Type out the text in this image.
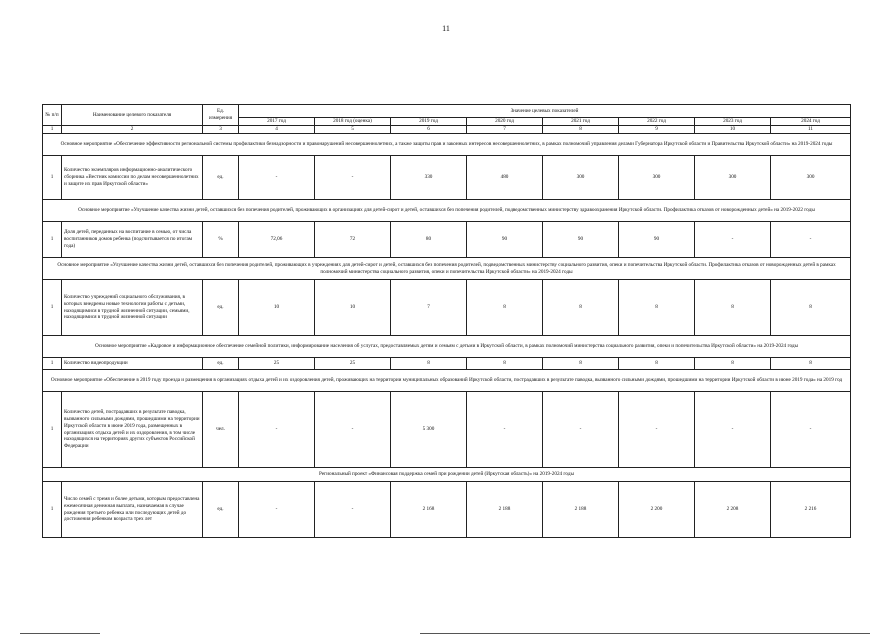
11
№ п/п	Наименование целевого показателя	Ед. измерения	Значение целевых показателей							
			2017 год	2018 год (оценка)	2019 год	2020 год	2021 год	2022 год	2023 год	2024 год
1	2	3	4	5	6	7	8	9	10	11
Основное мероприятие «Обеспечение эффективности региональной системы профилактики безнадзорности и правонарушений несовершеннолетних, а также защиты прав и законных интересов несовершеннолетних, в рамках полномочий управления делами Губернатора Иркутской области и Правительства Иркутской области» на 2019-2024 годы										
1	Количество экземпляров информационно-аналитического сборника «Вестник комиссии по делам несовершеннолетних и защите их прав Иркутской области»	ед.	-	-	330	480	300	300	300	300
Основное мероприятие «Улучшение качества жизни детей, оставшихся без попечения родителей, проживающих в организациях для детей-сирот и детей, оставшихся без попечения родителей, подведомственных министерству здравоохранения Иркутской области. Профилактика отказов от новорожденных детей» на 2019-2022 годы										
1	Доля детей, переданных на воспитание в семью, от числа воспитанников домов ребенка (подсчитывается по итогам года)	%	72,06	72	80	90	90	90	-	-
Основное мероприятие «Улучшение качества жизни детей, оставшихся без попечения родителей, проживающих в учреждениях для детей-сирот и детей, оставшихся без попечения родителей, подведомственных министерству социального развития, опеки и попечительства Иркутской области. Профилактика отказов от новорожденных детей в рамках полномочий министерства социального развития, опеки и попечительства Иркутской области» на 2019-2024 годы										
1	Количество учреждений социального обслуживания, в которых внедрены новые технологии работы с детьми, находящимися в трудной жизненной ситуации, семьями, находящимися в трудной жизненной ситуации	ед.	10	10	7	8	8	8	8	8
Основное мероприятие «Кадровое и информационное обеспечение семейной политики, информирование населения об услугах, предоставляемых детям и семьям с детьми в Иркутской области, в рамках полномочий министерства социального развития, опеки и попечительства Иркутской области» на 2019-2024 годы										
1	Количество видеопродукции	ед.	25	25	8	8	8	8	8	8
Основное мероприятие «Обеспечение в 2019 году проезда и размещения в организациях отдыха детей и их оздоровления детей, проживающих на территории муниципальных образований Иркутской области, пострадавших в результате паводка, вызванного сильными дождями, прошедшими на территории Иркутской области в июне 2019 года» на 2019 год										
1	Количество детей, пострадавших в результате паводка, вызванного сильными дождями, прошедшими на территории Иркутской области в июне 2019 года, размещенных в организациях отдыха детей и их оздоровления, в том числе находящихся на территориях других субъектов Российской Федерации	чел.	-	-	5 300	-	-	-	-	-
Региональный проект «Финансовая поддержка семей при рождении детей (Иркутская область)» на 2019-2024 годы										
1	Число семей с тремя и более детьми, которым предоставлена ежемесячная денежная выплата, назначаемая в случае рождения третьего ребенка или последующих детей до достижения ребенком возраста трех лет	ед.	-	-	2 168	2 188	2 188	2 200	2 208	2 216
